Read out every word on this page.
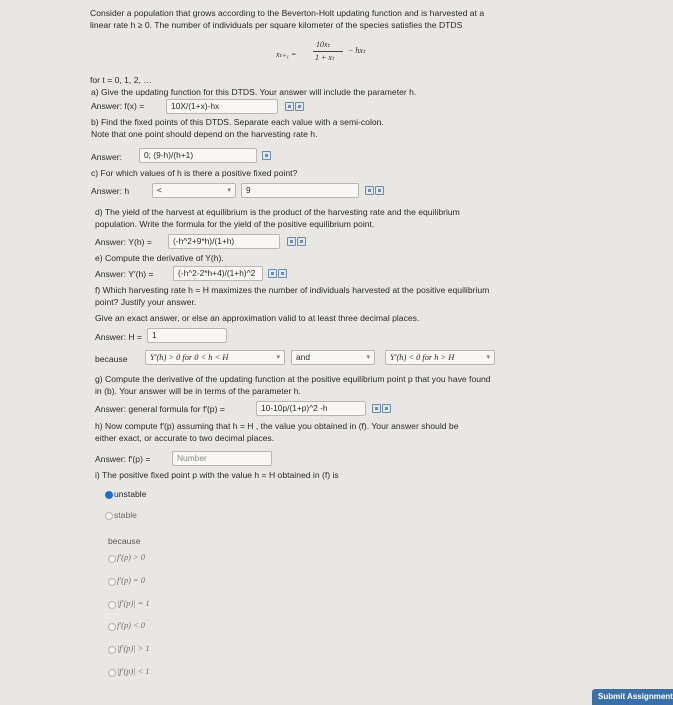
Consider a population that grows according to the Beverton-Holt updating function and is harvested at a
linear rate h ≥ 0. The number of individuals per square kilometer of the species satisfies the DTDS
xₜ₊₁ =
10xₜ
1 + xₜ
− hxₜ
for t = 0, 1, 2, …
a) Give the updating function for this DTDS. Your answer will include the parameter h.
Answer: f(x) =	10X/(1+x)-hx
b) Find the fixed points of this DTDS. Separate each value with a semi-colon.
Note that one point should depend on the harvesting rate h.
Answer:	0; (9-h)/(h+1)
c) For which values of h is there a positive fixed point?
Answer: h	<	▾	9
d) The yield of the harvest at equilibrium is the product of the harvesting rate and the equilibrium
population. Write the formula for the yield of the positive equilibrium point.
Answer: Y(h) =	(-h^2+9*h)/(1+h)
e) Compute the derivative of Y(h).
Answer: Y′(h) =	(-h^2-2*h+4)/(1+h)^2
f) Which harvesting rate h = H maximizes the number of individuals harvested at the positive equilibrium
point? Justify your answer.
Give an exact answer, or else an approximation valid to at least three decimal places.
Answer: H =	1
because	Y′(h) > 0 for 0 < h < H	▾	and	▾	Y′(h) < 0 for h > H	▾
g) Compute the derivative of the updating function at the positive equilibrium point p that you have found
in (b). Your answer will be in terms of the parameter h.
Answer: general formula for f′(p) =	10-10p/(1+p)^2 -h
h) Now compute f′(p) assuming that h = H , the value you obtained in (f). Your answer should be
either exact, or accurate to two decimal places.
Answer: f′(p) =	Number
i) The positive fixed point p with the value h = H obtained in (f) is
unstable
stable
because
f′(p) > 0
f′(p) = 0
|f′(p)| = 1
f′(p) < 0
|f′(p)| > 1
|f′(p)| < 1
Submit Assignment
